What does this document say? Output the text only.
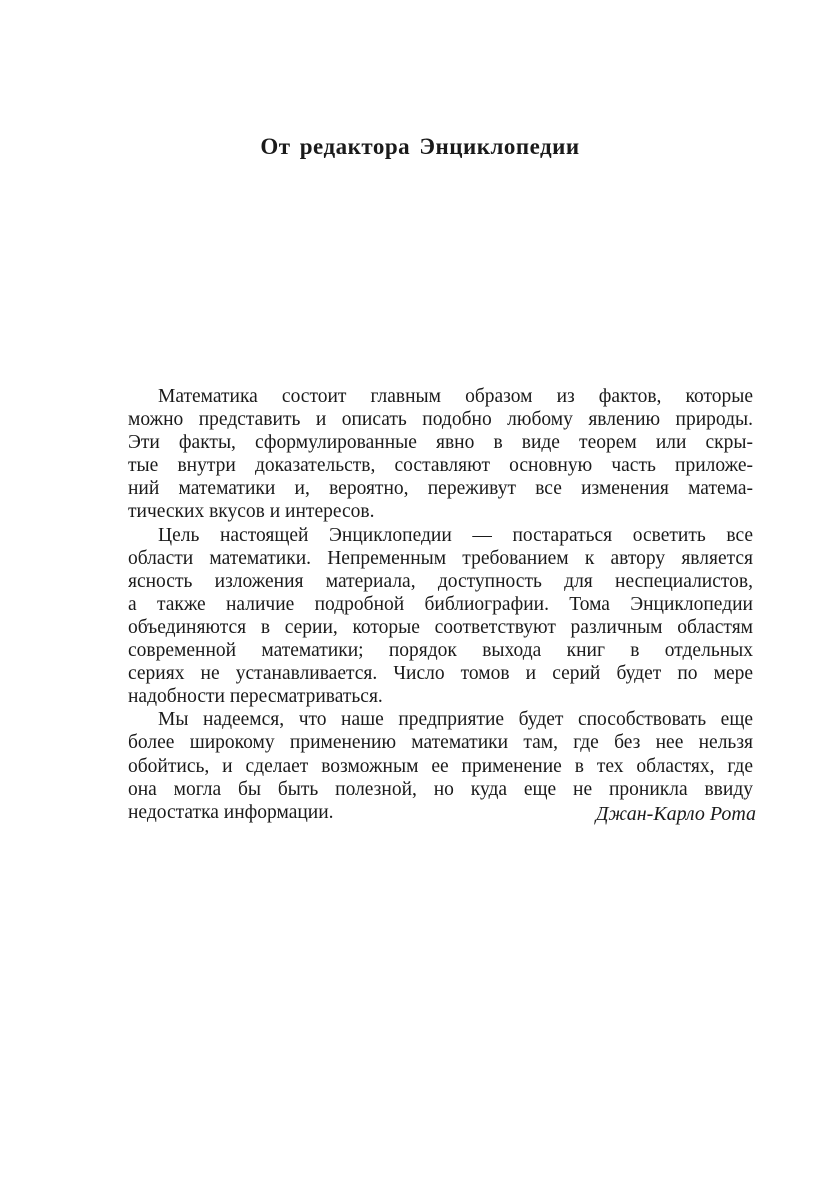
От редактора Энциклопедии
Математика состоит главным образом из фактов, которые
можно представить и описать подобно любому явлению природы.
Эти факты, сформулированные явно в виде теорем или скры-
тые внутри доказательств, составляют основную часть приложе-
ний математики и, вероятно, переживут все изменения матема-
тических вкусов и интересов.
Цель настоящей Энциклопедии — постараться осветить все
области математики. Непременным требованием к автору является
ясность изложения материала, доступность для неспециалистов,
а также наличие подробной библиографии. Тома Энциклопедии
объединяются в серии, которые соответствуют различным областям
современной математики; порядок выхода книг в отдельных
сериях не устанавливается. Число томов и серий будет по мере
надобности пересматриваться.
Мы надеемся, что наше предприятие будет способствовать еще
более широкому применению математики там, где без нее нельзя
обойтись, и сделает возможным ее применение в тех областях, где
она могла бы быть полезной, но куда еще не проникла ввиду
недостатка информации.	Джан-Карло Рота
